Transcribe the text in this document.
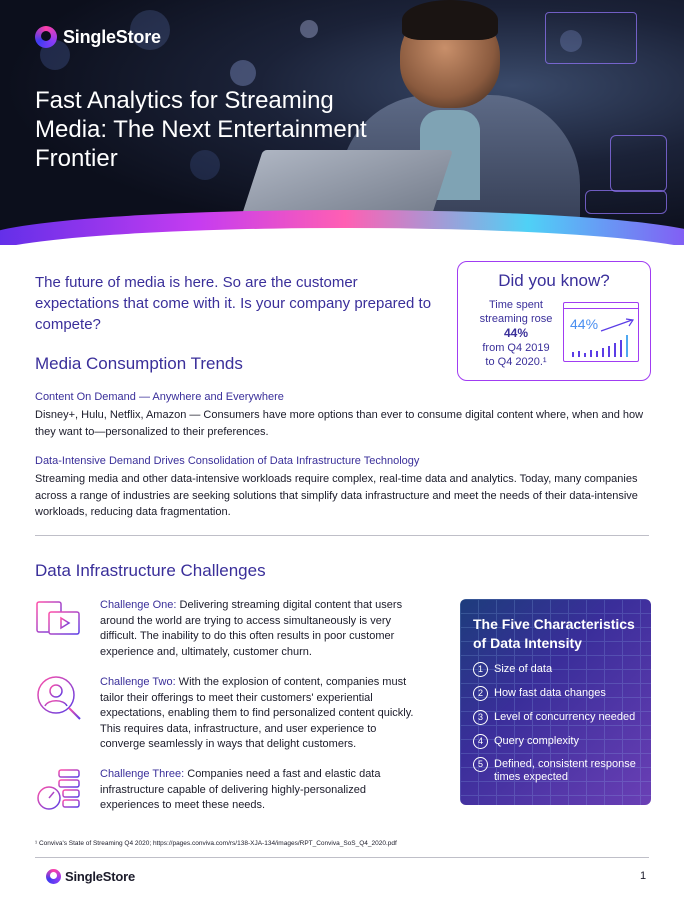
SingleStore
Fast Analytics for Streaming Media: The Next Entertainment Frontier
The future of media is here. So are the customer expectations that come with it. Is your company prepared to compete?
Did you know?
Time spent
streaming rose
44%
from Q4 2019
to Q4 2020.¹
44%
Media Consumption Trends
Content On Demand — Anywhere and Everywhere
Disney+, Hulu, Netflix, Amazon — Consumers have more options than ever to consume digital content where, when and how they want to—personalized to their preferences.
Data-Intensive Demand Drives Consolidation of Data Infrastructure Technology
Streaming media and other data-intensive workloads require complex, real-time data and analytics. Today, many companies across a range of industries are seeking solutions that simplify data infrastructure and meet the needs of their data-intensive workloads, reducing data fragmentation.
Data Infrastructure Challenges
Challenge One: Delivering streaming digital content that users around the world are trying to access simultaneously is very difficult. The inability to do this often results in poor customer experience and, ultimately, customer churn.
Challenge Two: With the explosion of content, companies must tailor their offerings to meet their customers' experiential expectations, enabling them to find personalized content quickly. This requires data, infrastructure, and user experience to converge seamlessly in ways that delight customers.
Challenge Three: Companies need a fast and elastic data infrastructure capable of delivering highly-personalized experiences to meet these needs.
The Five Characteristics of Data Intensity
1	Size of data
2	How fast data changes
3	Level of concurrency needed
4	Query complexity
5	Defined, consistent response times expected
¹ Conviva's State of Streaming Q4 2020; https://pages.conviva.com/rs/138-XJA-134/images/RPT_Conviva_SoS_Q4_2020.pdf
SingleStore	1
